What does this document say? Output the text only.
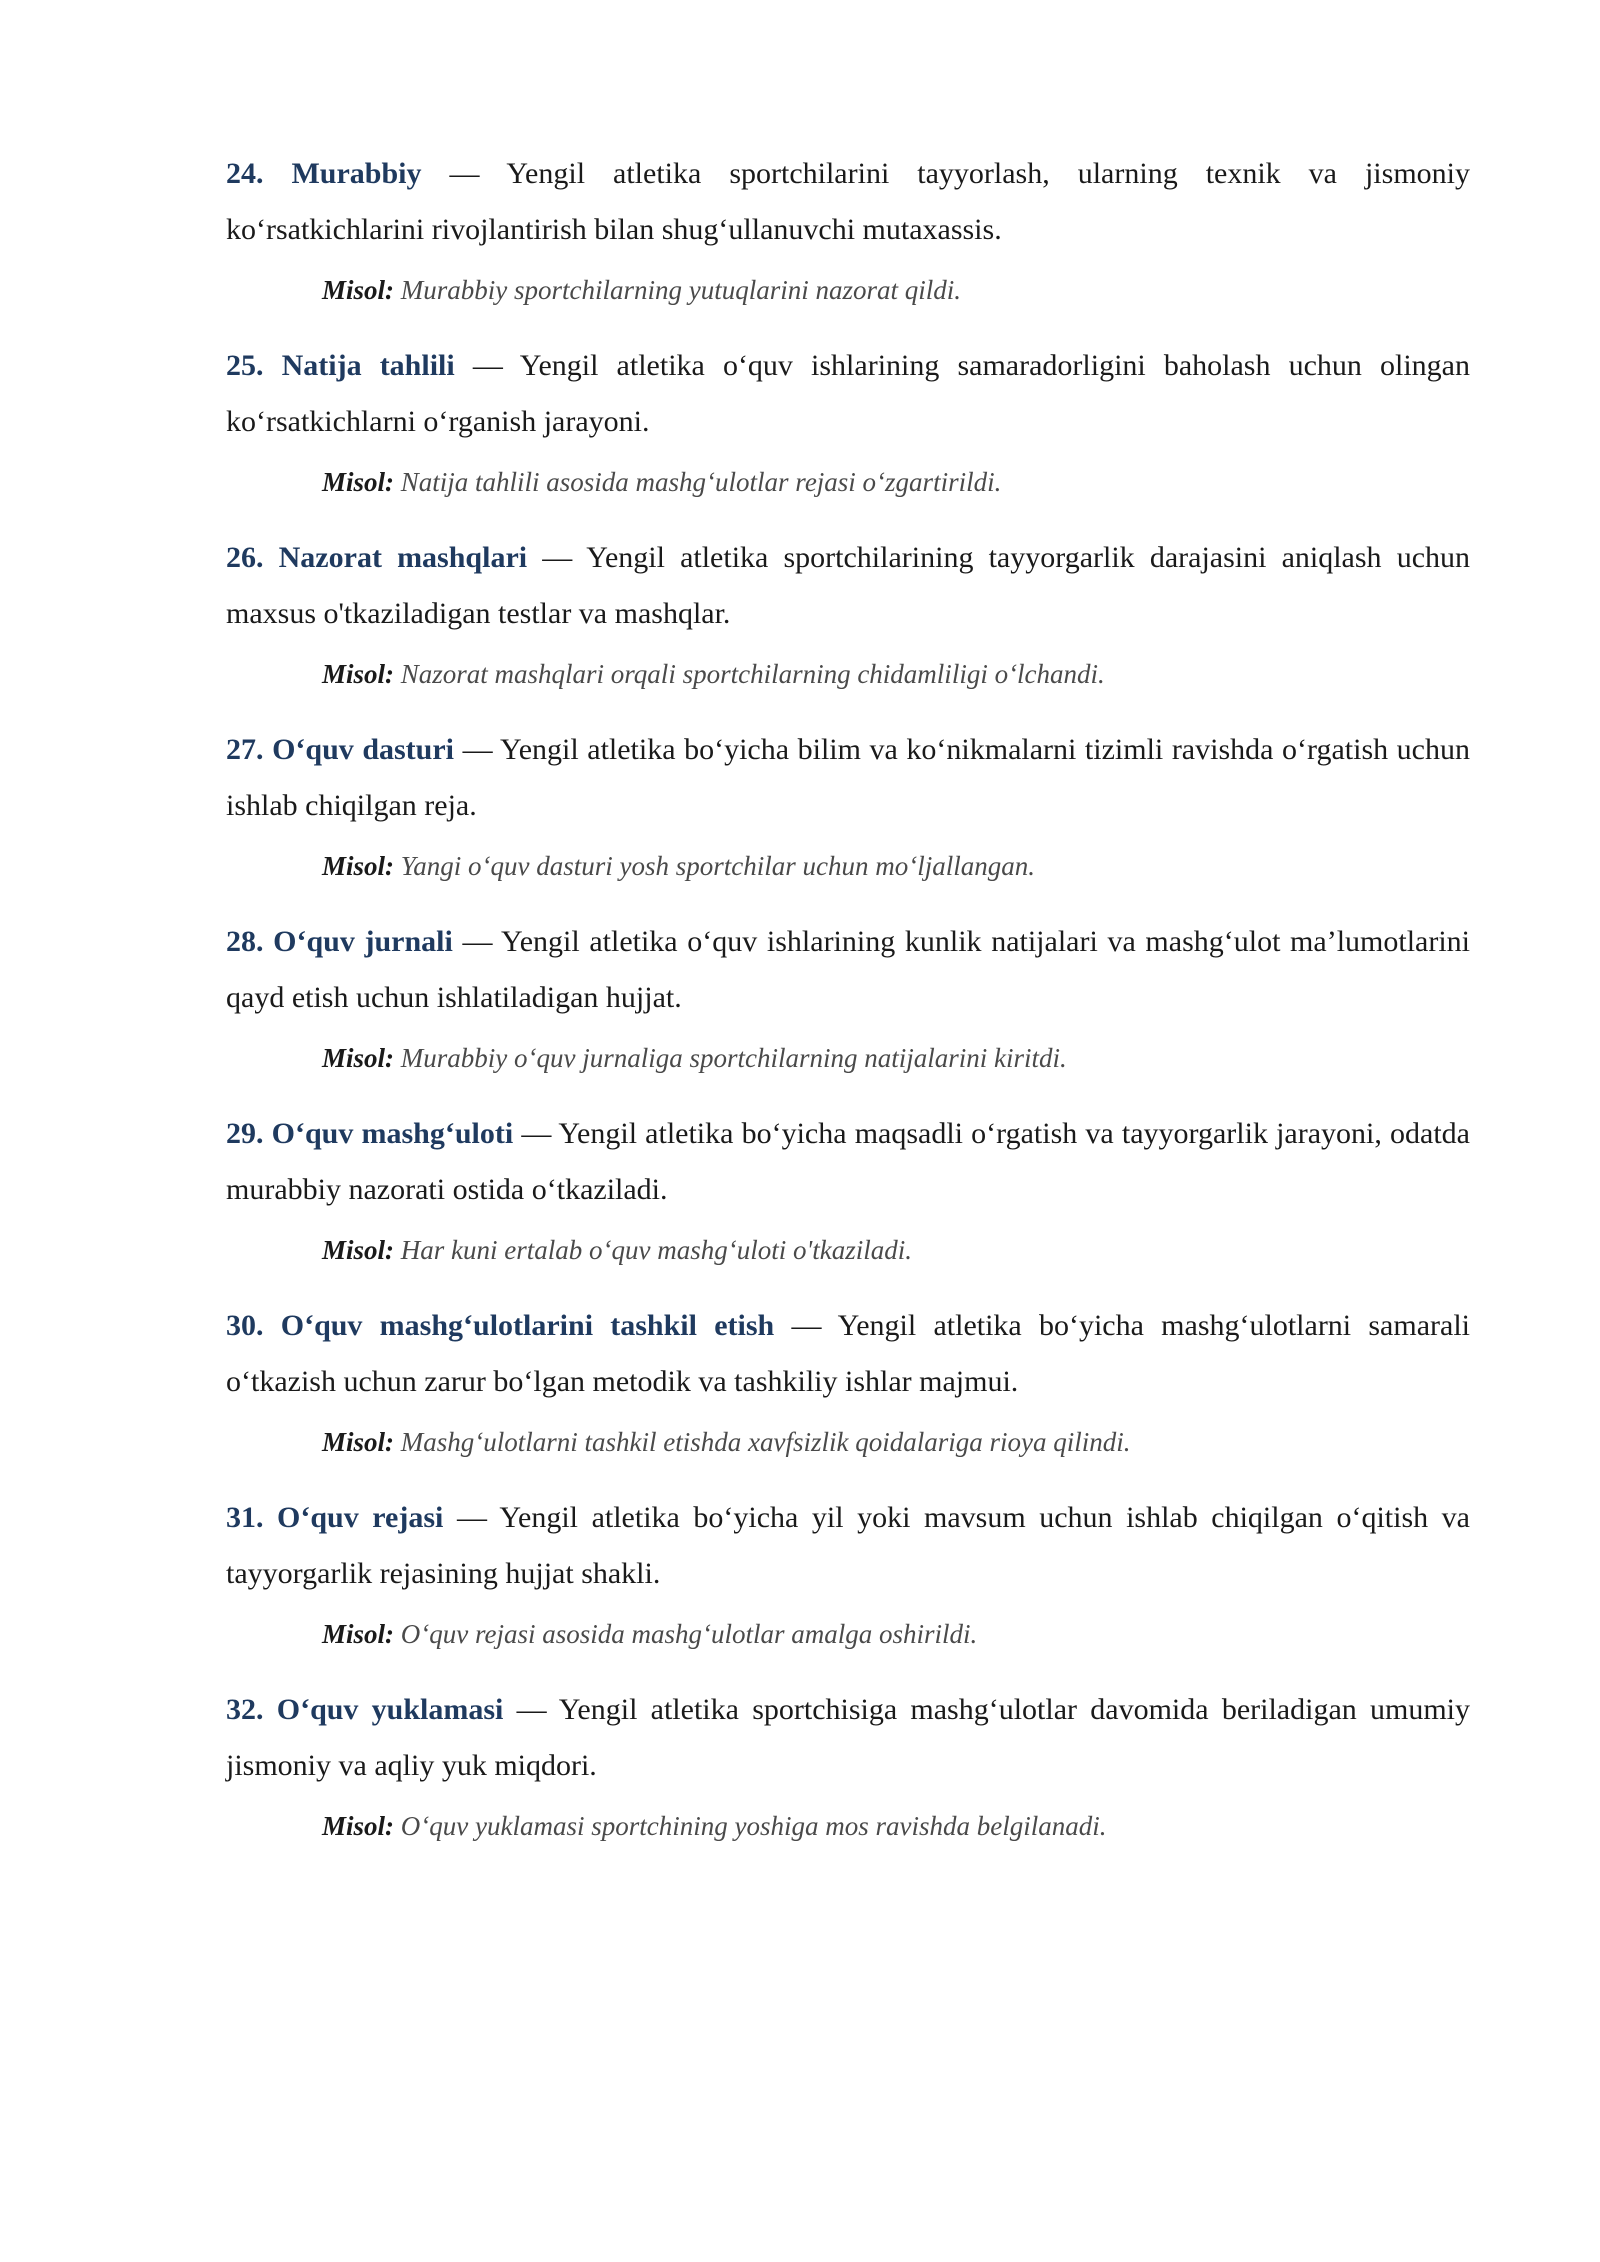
24. Murabbiy — Yengil atletika sportchilarini tayyorlash, ularning texnik va jismoniy ko‘rsatkichlarini rivojlantirish bilan shug‘ullanuvchi mutaxassis.

Misol: Murabbiy sportchilarning yutuqlarini nazorat qildi.

25. Natija tahlili — Yengil atletika o‘quv ishlarining samaradorligini baholash uchun olingan ko‘rsatkichlarni o‘rganish jarayoni.

Misol: Natija tahlili asosida mashg‘ulotlar rejasi o‘zgartirildi.

26. Nazorat mashqlari — Yengil atletika sportchilarining tayyorgarlik darajasini aniqlash uchun maxsus o'tkaziladigan testlar va mashqlar.

Misol: Nazorat mashqlari orqali sportchilarning chidamliligi o‘lchandi.

27. O‘quv dasturi — Yengil atletika bo‘yicha bilim va ko‘nikmalarni tizimli ravishda o‘rgatish uchun ishlab chiqilgan reja.

Misol: Yangi o‘quv dasturi yosh sportchilar uchun mo‘ljallangan.

28. O‘quv jurnali — Yengil atletika o‘quv ishlarining kunlik natijalari va mashg‘ulot ma’lumotlarini qayd etish uchun ishlatiladigan hujjat.

Misol: Murabbiy o‘quv jurnaliga sportchilarning natijalarini kiritdi.

29. O‘quv mashg‘uloti — Yengil atletika bo‘yicha maqsadli o‘rgatish va tayyorgarlik jarayoni, odatda murabbiy nazorati ostida o‘tkaziladi.

Misol: Har kuni ertalab o‘quv mashg‘uloti o'tkaziladi.

30. O‘quv mashg‘ulotlarini tashkil etish — Yengil atletika bo‘yicha mashg‘ulotlarni samarali o‘tkazish uchun zarur bo‘lgan metodik va tashkiliy ishlar majmui.

Misol: Mashg‘ulotlarni tashkil etishda xavfsizlik qoidalariga rioya qilindi.

31. O‘quv rejasi — Yengil atletika bo‘yicha yil yoki mavsum uchun ishlab chiqilgan o‘qitish va tayyorgarlik rejasining hujjat shakli.

Misol: O‘quv rejasi asosida mashg‘ulotlar amalga oshirildi.

32. O‘quv yuklamasi — Yengil atletika sportchisiga mashg‘ulotlar davomida beriladigan umumiy jismoniy va aqliy yuk miqdori.

Misol: O‘quv yuklamasi sportchining yoshiga mos ravishda belgilanadi.
